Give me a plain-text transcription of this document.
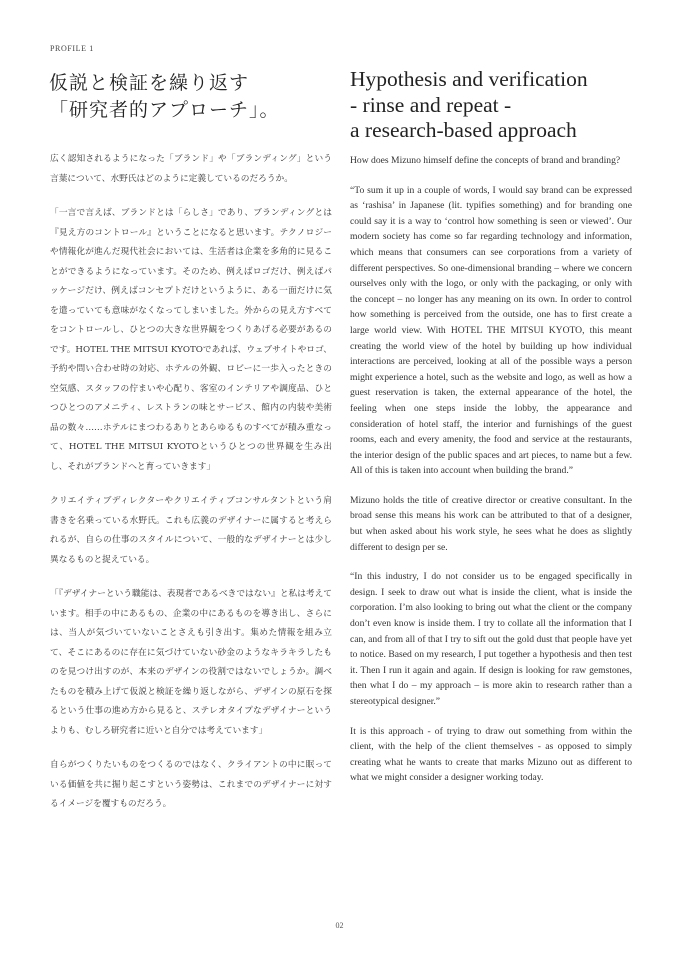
PROFILE 1
仮説と検証を繰り返す
「研究者的アプローチ」。
Hypothesis and verification
- rinse and repeat -
a research-based approach

広く認知されるようになった「ブランド」や「ブランディング」という言葉について、水野氏はどのように定義しているのだろうか。

「一言で言えば、ブランドとは「らしさ」であり、ブランディングとは『見え方のコントロール』ということになると思います。テクノロジーや情報化が進んだ現代社会においては、生活者は企業を多角的に見ることができるようになっています。そのため、例えばロゴだけ、例えばパッケージだけ、例えばコンセプトだけというように、ある一面だけに気を遣っていても意味がなくなってしまいました。外からの見え方すべてをコントロールし、ひとつの大きな世界観をつくりあげる必要があるのです。HOTEL THE MITSUI KYOTOであれば、ウェブサイトやロゴ、予約や問い合わせ時の対応、ホテルの外観、ロビーに一歩入ったときの空気感、スタッフの佇まいや心配り、客室のインテリアや調度品、ひとつひとつのアメニティ、レストランの味とサービス、館内の内装や美術品の数々……ホテルにまつわるありとあらゆるものすべてが積み重なって、HOTEL THE MITSUI KYOTOというひとつの世界観を生み出し、それがブランドへと育っていきます」

クリエイティブディレクターやクリエイティブコンサルタントという肩書きを名乗っている水野氏。これも広義のデザイナーに属すると考えられるが、自らの仕事のスタイルについて、一般的なデザイナーとは少し異なるものと捉えている。

「『デザイナーという職能は、表現者であるべきではない』と私は考えています。相手の中にあるもの、企業の中にあるものを導き出し、さらには、当人が気づいていないことさえも引き出す。集めた情報を組み立て、そこにあるのに存在に気づけていない砂金のようなキラキラしたものを見つけ出すのが、本来のデザインの役割ではないでしょうか。調べたものを積み上げて仮説と検証を繰り返しながら、デザインの原石を探るという仕事の進め方から見ると、ステレオタイプなデザイナーというよりも、むしろ研究者に近いと自分では考えています」

自らがつくりたいものをつくるのではなく、クライアントの中に眠っている価値を共に掘り起こすという姿勢は、これまでのデザイナーに対するイメージを覆すものだろう。

How does Mizuno himself define the concepts of brand and branding?

“To sum it up in a couple of words, I would say brand can be expressed as ‘rashisa’ in Japanese (lit. typifies something) and for branding one could say it is a way to ‘control how something is seen or viewed’. Our modern society has come so far regarding technology and information, which means that consumers can see corporations from a variety of different perspectives. So one-dimensional branding – where we concern ourselves only with the logo, or only with the packaging, or only with the concept – no longer has any meaning on its own. In order to control how something is perceived from the outside, one has to first create a large world view. With HOTEL THE MITSUI KYOTO, this meant creating the world view of the hotel by building up how individual interactions are perceived, looking at all of the possible ways a person might experience a hotel, such as the website and logo, as well as how a guest reservation is taken, the external appearance of the hotel, the feeling when one steps inside the lobby, the appearance and consideration of hotel staff, the interior and furnishings of the guest rooms, each and every amenity, the food and service at the restaurants, the interior design of the public spaces and art pieces, to name but a few. All of this is taken into account when building the brand.”

Mizuno holds the title of creative director or creative consultant. In the broad sense this means his work can be attributed to that of a designer, but when asked about his work style, he sees what he does as slightly different to design per se.

“In this industry, I do not consider us to be engaged specifically in design. I seek to draw out what is inside the client, what is inside the corporation. I’m also looking to bring out what the client or the company don’t even know is inside them. I try to collate all the information that I can, and from all of that I try to sift out the gold dust that people have yet to notice. Based on my research, I put together a hypothesis and then test it. Then I run it again and again. If design is looking for raw gemstones, then what I do – my approach – is more akin to research rather than a stereotypical designer.”

It is this approach - of trying to draw out something from within the client, with the help of the client themselves - as opposed to simply creating what he wants to create that marks Mizuno out as different to what we might consider a designer working today.

02
